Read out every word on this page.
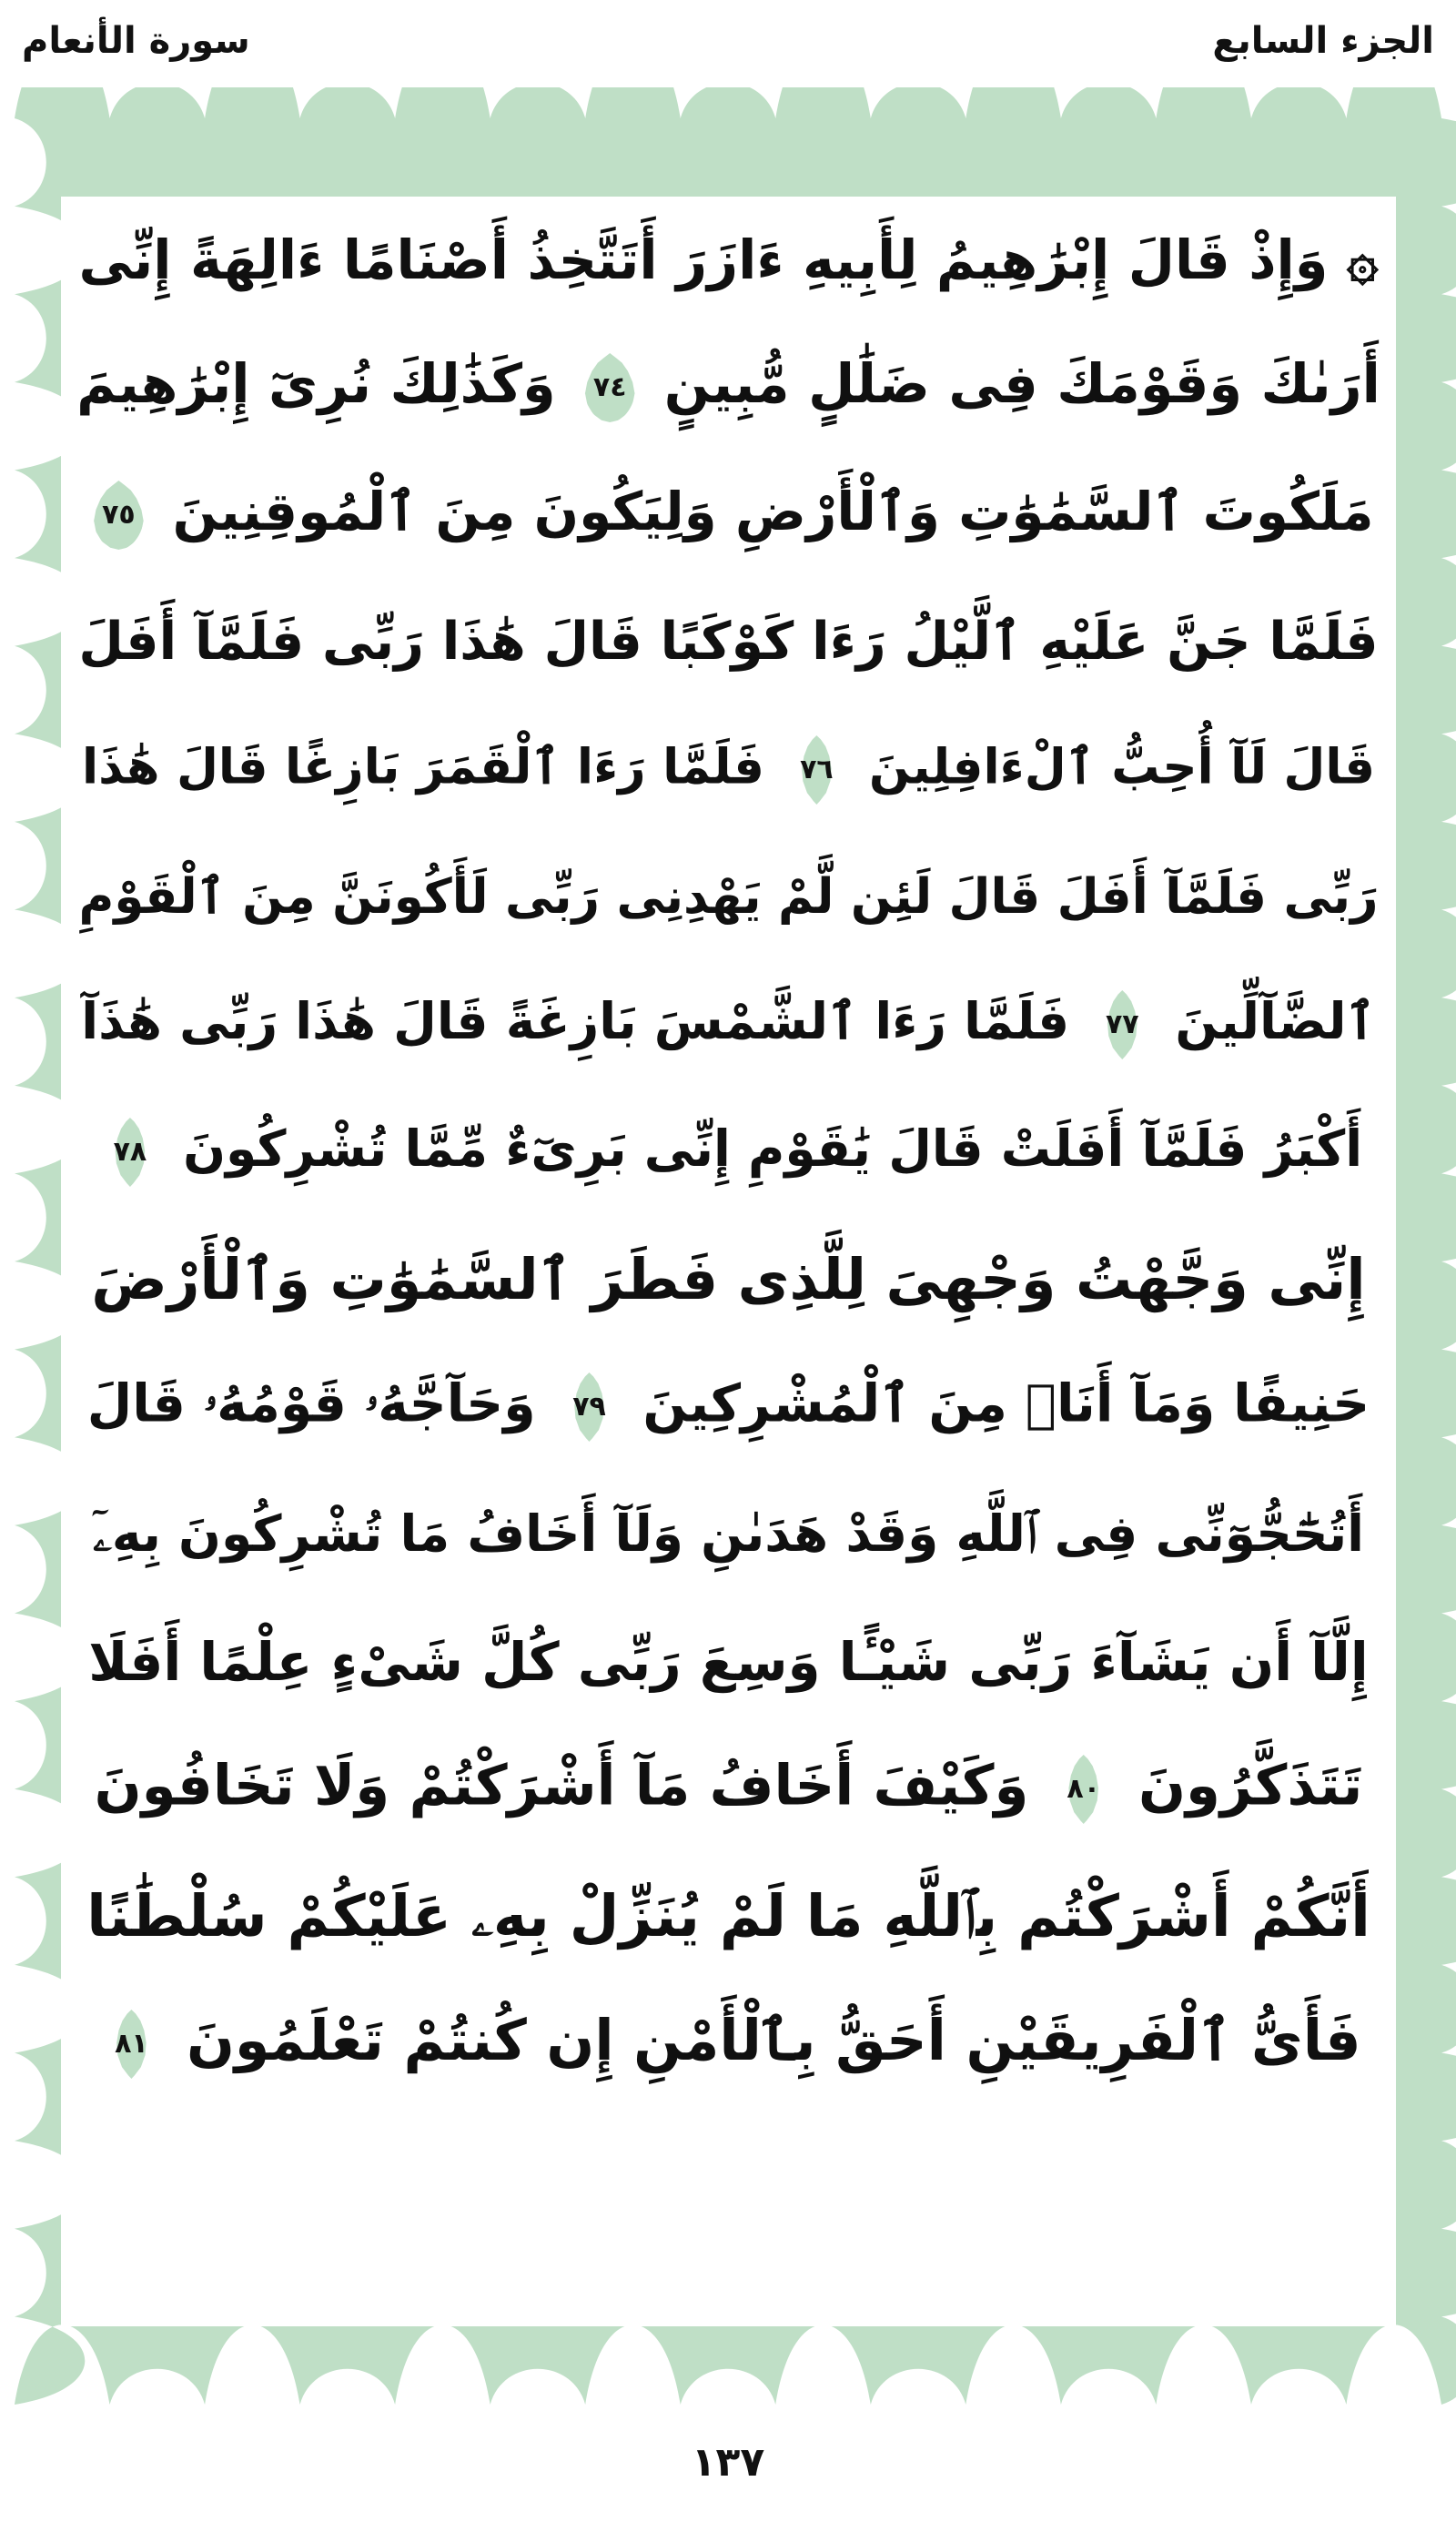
الجزء السابع
سورة الأنعام
۞ وَإِذْ قَالَ إِبْرَٰهِيمُ لِأَبِيهِ ءَازَرَ أَتَتَّخِذُ أَصْنَامًا ءَالِهَةً إِنِّى
أَرَىٰكَ وَقَوْمَكَ فِى ضَلَٰلٍ مُّبِينٍ
٧٤
وَكَذَٰلِكَ نُرِىٓ إِبْرَٰهِيمَ
مَلَكُوتَ ٱلسَّمَٰوَٰتِ وَٱلْأَرْضِ وَلِيَكُونَ مِنَ ٱلْمُوقِنِينَ
٧٥
فَلَمَّا جَنَّ عَلَيْهِ ٱلَّيْلُ رَءَا كَوْكَبًا قَالَ هَٰذَا رَبِّى فَلَمَّآ أَفَلَ
قَالَ لَآ أُحِبُّ ٱلْءَافِلِينَ
٧٦
فَلَمَّا رَءَا ٱلْقَمَرَ بَازِغًا قَالَ هَٰذَا
رَبِّى فَلَمَّآ أَفَلَ قَالَ لَئِن لَّمْ يَهْدِنِى رَبِّى لَأَكُونَنَّ مِنَ ٱلْقَوْمِ
ٱلضَّآلِّينَ
٧٧
فَلَمَّا رَءَا ٱلشَّمْسَ بَازِغَةً قَالَ هَٰذَا رَبِّى هَٰذَآ
أَكْبَرُ فَلَمَّآ أَفَلَتْ قَالَ يَٰقَوْمِ إِنِّى بَرِىٓءٌ مِّمَّا تُشْرِكُونَ
٧٨
إِنِّى وَجَّهْتُ وَجْهِىَ لِلَّذِى فَطَرَ ٱلسَّمَٰوَٰتِ وَٱلْأَرْضَ
حَنِيفًا وَمَآ أَنَا۠ مِنَ ٱلْمُشْرِكِينَ
٧٩
وَحَآجَّهُۥ قَوْمُهُۥ قَالَ
أَتُحَٰٓجُّوٓنِّى فِى ٱللَّهِ وَقَدْ هَدَىٰنِ وَلَآ أَخَافُ مَا تُشْرِكُونَ بِهِۦٓ
إِلَّآ أَن يَشَآءَ رَبِّى شَيْـًٔا وَسِعَ رَبِّى كُلَّ شَىْءٍ عِلْمًا أَفَلَا
تَتَذَكَّرُونَ
٨٠
وَكَيْفَ أَخَافُ مَآ أَشْرَكْتُمْ وَلَا تَخَافُونَ
أَنَّكُمْ أَشْرَكْتُم بِٱللَّهِ مَا لَمْ يُنَزِّلْ بِهِۦ عَلَيْكُمْ سُلْطَٰنًا
فَأَىُّ ٱلْفَرِيقَيْنِ أَحَقُّ بِٱلْأَمْنِ إِن كُنتُمْ تَعْلَمُونَ
٨١
١٣٧
